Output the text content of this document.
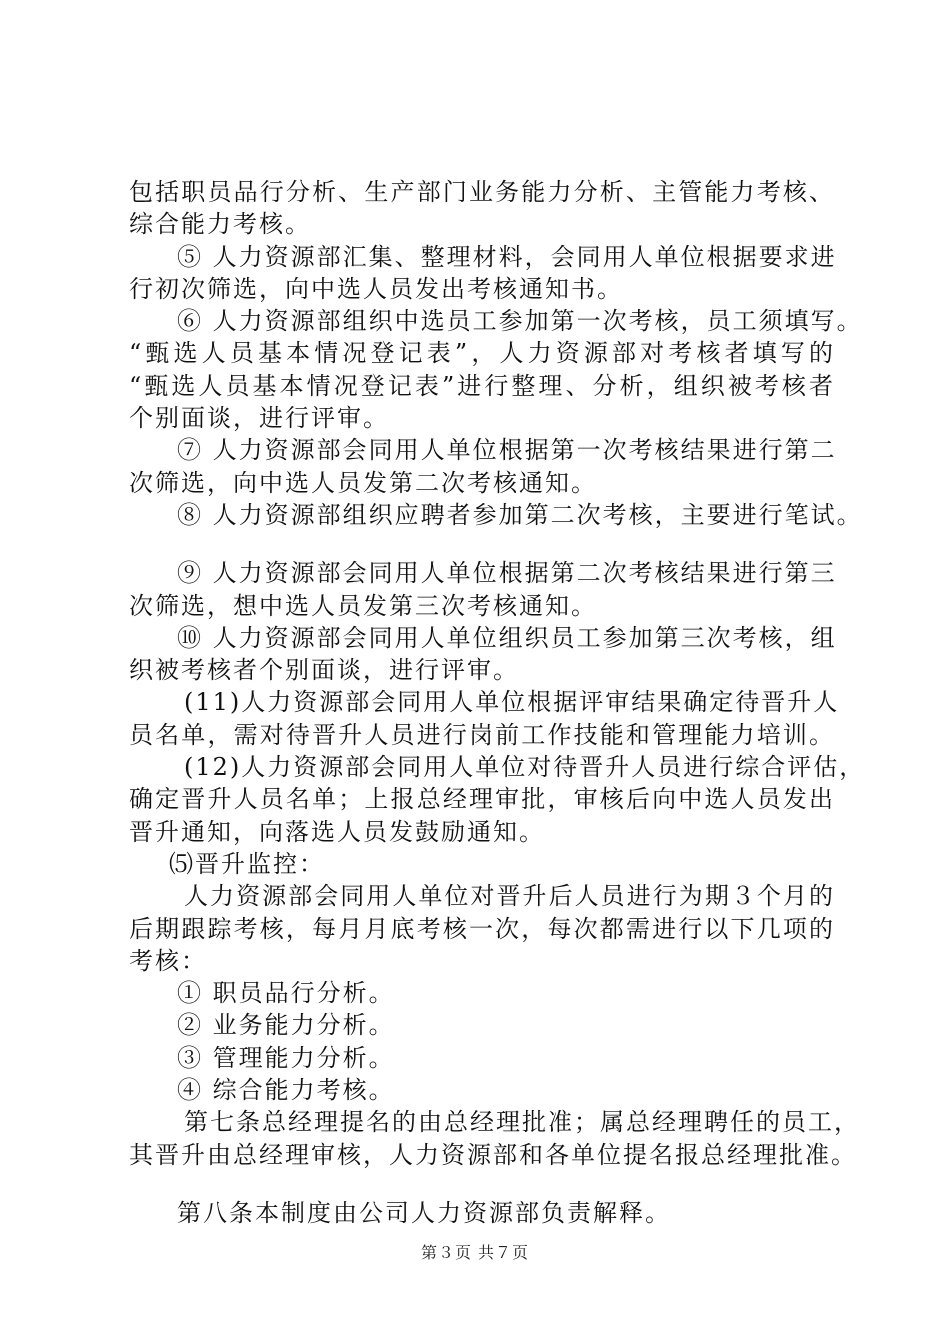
包括职员品行分析、生产部门业务能力分析、主管能力考核、
综合能力考核。
⑤ 人力资源部汇集、整理材料，会同用人单位根据要求进
行初次筛选，向中选人员发出考核通知书。
⑥ 人力资源部组织中选员工参加第一次考核，员工须填写。
“甄选人员基本情况登记表”，人力资源部对考核者填写的
“甄选人员基本情况登记表”进行整理、分析，组织被考核者
个别面谈，进行评审。
⑦ 人力资源部会同用人单位根据第一次考核结果进行第二
次筛选，向中选人员发第二次考核通知。
⑧ 人力资源部组织应聘者参加第二次考核，主要进行笔试。
⑨ 人力资源部会同用人单位根据第二次考核结果进行第三
次筛选，想中选人员发第三次考核通知。
⑩ 人力资源部会同用人单位组织员工参加第三次考核，组
织被考核者个别面谈，进行评审。
(11)人力资源部会同用人单位根据评审结果确定待晋升人
员名单，需对待晋升人员进行岗前工作技能和管理能力培训。
(12)人力资源部会同用人单位对待晋升人员进行综合评估，
确定晋升人员名单；上报总经理审批，审核后向中选人员发出
晋升通知，向落选人员发鼓励通知。
⑸晋升监控：
人力资源部会同用人单位对晋升后人员进行为期３个月的
后期跟踪考核，每月月底考核一次，每次都需进行以下几项的
考核：
① 职员品行分析。
② 业务能力分析。
③ 管理能力分析。
④ 综合能力考核。
第七条总经理提名的由总经理批准；属总经理聘任的员工，
其晋升由总经理审核，人力资源部和各单位提名报总经理批准。
第八条本制度由公司人力资源部负责解释。
第３页 共７页
